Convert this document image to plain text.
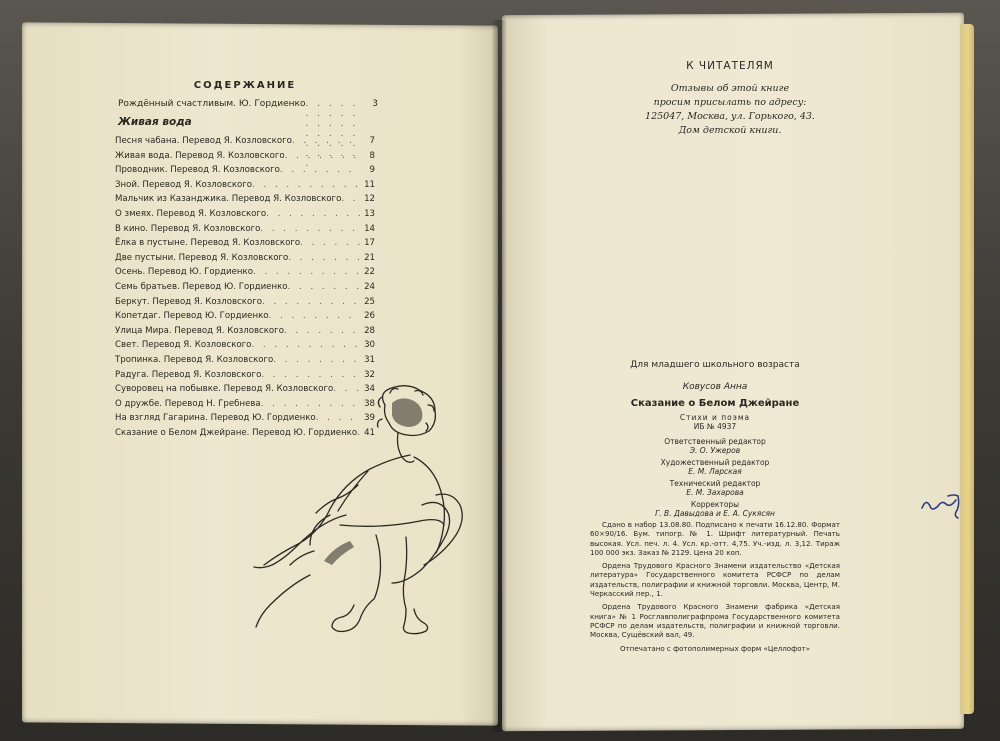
СОДЕРЖАНИЕ
Рождённый счастливым. Ю. Гордиенко . . .	3
Живая вода
Песня чабана. Перевод Я. Козловского . . .	7
Живая вода. Перевод Я. Козловского . . .	8
Проводник. Перевод Я. Козловского . . .	9
Зной. Перевод Я. Козловского . . .	11
Мальчик из Казанджика. Перевод Я. Козловского . . .	12
О змеях. Перевод Я. Козловского . . .	13
В кино. Перевод Я. Козловского . . .	14
Ёлка в пустыне. Перевод Я. Козловского . . .	17
Две пустыни. Перевод Я. Козловского . . .	21
Осень. Перевод Ю. Гордиенко . . .	22
Семь братьев. Перевод Ю. Гордиенко . . .	24
Беркут. Перевод Я. Козловского . . .	25
Копетдаг. Перевод Ю. Гордиенко . . .	26
Улица Мира. Перевод Я. Козловского . . .	28
Свет. Перевод Я. Козловского . . .	30
Тропинка. Перевод Я. Козловского . . .	31
Радуга. Перевод Я. Козловского . . .	32
Суворовец на побывке. Перевод Я. Козловского . . .	34
О дружбе. Перевод Н. Гребнева . . .	38
На взгляд Гагарина. Перевод Ю. Гордиенко . . .	39
Сказание о Белом Джейране. Перевод Ю. Гордиенко . . . 41
К ЧИТАТЕЛЯМ
Отзывы об этой книге
просим присылать по адресу:
125047, Москва, ул. Горького, 43.
Дом детской книги.
Для младшего школьного возраста
Ковусов Анна
Сказание о Белом Джейране
Стихи и поэма
ИБ № 4937
Ответственный редактор
Э. О. Ужеров
Художественный редактор
Е. М. Ларская
Технический редактор
Е. М. Захарова
Корректоры
Г. В. Давыдова и Е. А. Сукясян

Сдано в набор 13.08.80. Подписано к печати 16.12.80. Формат 60×90/16. Бум. типогр. № 1. Шрифт литературный. Печать высокая. Усл. печ. л. 4. Усл. кр.-отт. 4,75. Уч.-изд. л. 3,12. Тираж 100 000 экз. Заказ № 2129. Цена 20 коп.

Ордена Трудового Красного Знамени издательство «Детская литература» Государственного комитета РСФСР по делам издательств, полиграфии и книжной торговли. Москва, Центр, М. Черкасский пер., 1.

Ордена Трудового Красного Знамени фабрика «Детская книга» № 1 Росглавполиграфпрома Государственного комитета РСФСР по делам издательств, полиграфии и книжной торговли. Москва, Сущёвский вал, 49.

Отпечатано с фотополимерных форм «Целлофот»
